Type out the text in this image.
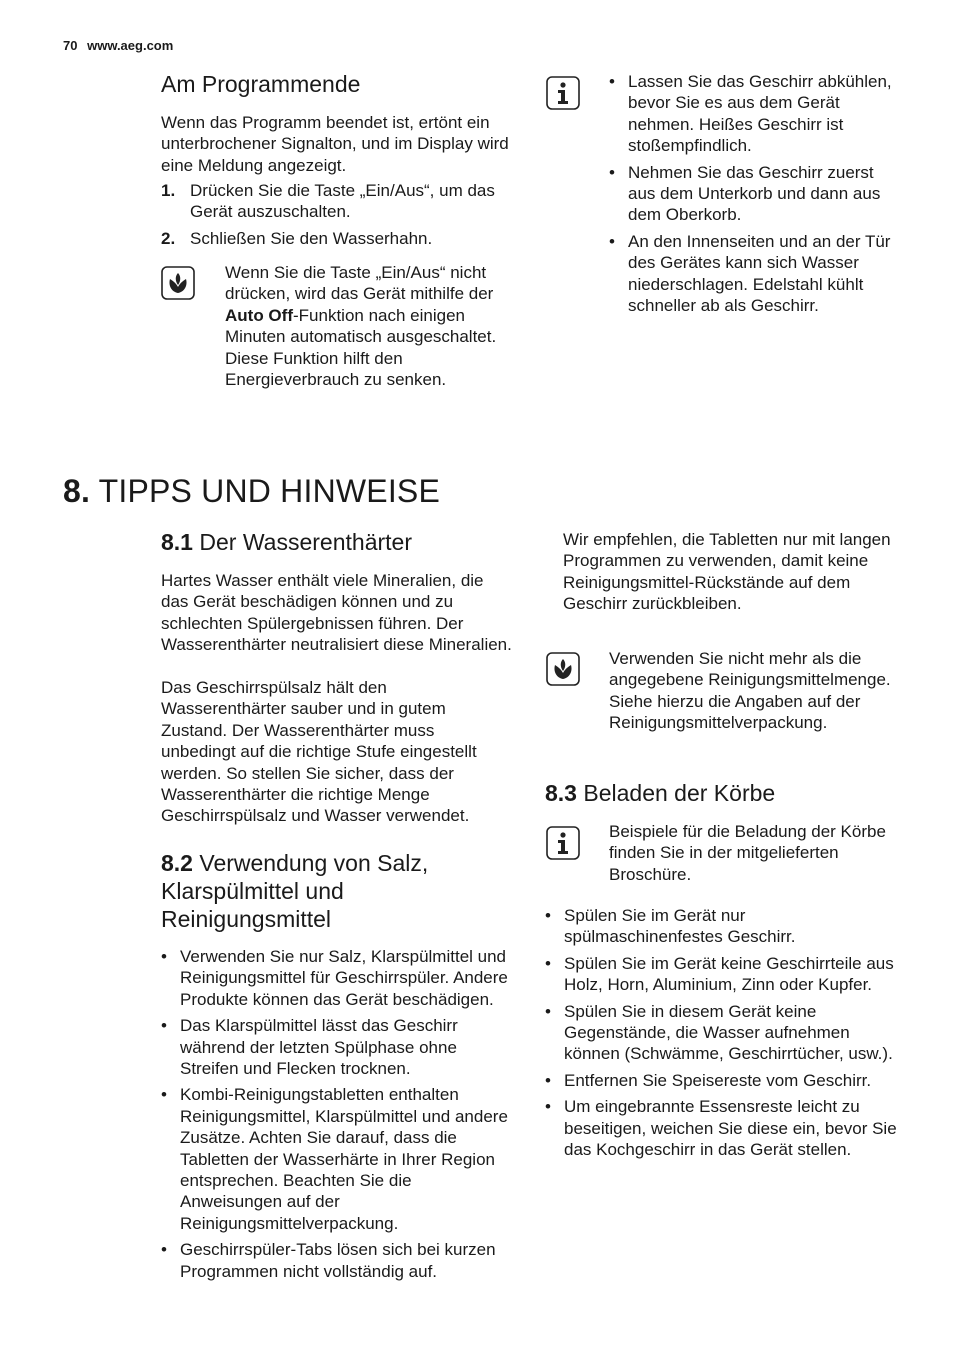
70 www.aeg.com
Am Programmende

Wenn das Programm beendet ist, ertönt ein unterbrochener Signalton, und im Display wird eine Meldung angezeigt.

1. Drücken Sie die Taste „Ein/Aus“, um das Gerät auszuschalten.
2. Schließen Sie den Wasserhahn.

Wenn Sie die Taste „Ein/Aus“ nicht drücken, wird das Gerät mithilfe der Auto Off-Funktion nach einigen Minuten automatisch ausgeschaltet. Diese Funktion hilft den Energieverbrauch zu senken.

• Lassen Sie das Geschirr abkühlen, bevor Sie es aus dem Gerät nehmen. Heißes Geschirr ist stoßempfindlich.
• Nehmen Sie das Geschirr zuerst aus dem Unterkorb und dann aus dem Oberkorb.
• An den Innenseiten und an der Tür des Gerätes kann sich Wasser niederschlagen. Edelstahl kühlt schneller ab als Geschirr.
8. TIPPS UND HINWEISE
8.1 Der Wasserenthärter

Hartes Wasser enthält viele Mineralien, die das Gerät beschädigen können und zu schlechten Spülergebnissen führen. Der Wasserenthärter neutralisiert diese Mineralien.

Das Geschirrspülsalz hält den Wasserenthärter sauber und in gutem Zustand. Der Wasserenthärter muss unbedingt auf die richtige Stufe eingestellt werden. So stellen Sie sicher, dass der Wasserenthärter die richtige Menge Geschirrspülsalz und Wasser verwendet.

8.2 Verwendung von Salz, Klarspülmittel und Reinigungsmittel
• Verwenden Sie nur Salz, Klarspülmittel und Reinigungsmittel für Geschirrspüler. Andere Produkte können das Gerät beschädigen.
• Das Klarspülmittel lässt das Geschirr während der letzten Spülphase ohne Streifen und Flecken trocknen.
• Kombi-Reinigungstabletten enthalten Reinigungsmittel, Klarspülmittel und andere Zusätze. Achten Sie darauf, dass die Tabletten der Wasserhärte in Ihrer Region entsprechen. Beachten Sie die Anweisungen auf der Reinigungsmittelverpackung.
• Geschirrspüler-Tabs lösen sich bei kurzen Programmen nicht vollständig auf.

Wir empfehlen, die Tabletten nur mit langen Programmen zu verwenden, damit keine Reinigungsmittel-Rückstände auf dem Geschirr zurückbleiben.

Verwenden Sie nicht mehr als die angegebene Reinigungsmittelmenge. Siehe hierzu die Angaben auf der Reinigungsmittelverpackung.

8.3 Beladen der Körbe

Beispiele für die Beladung der Körbe finden Sie in der mitgelieferten Broschüre.

• Spülen Sie im Gerät nur spülmaschinenfestes Geschirr.
• Spülen Sie im Gerät keine Geschirrteile aus Holz, Horn, Aluminium, Zinn oder Kupfer.
• Spülen Sie in diesem Gerät keine Gegenstände, die Wasser aufnehmen können (Schwämme, Geschirrtücher, usw.).
• Entfernen Sie Speisereste vom Geschirr.
• Um eingebrannte Essensreste leicht zu beseitigen, weichen Sie diese ein, bevor Sie das Kochgeschirr in das Gerät stellen.
